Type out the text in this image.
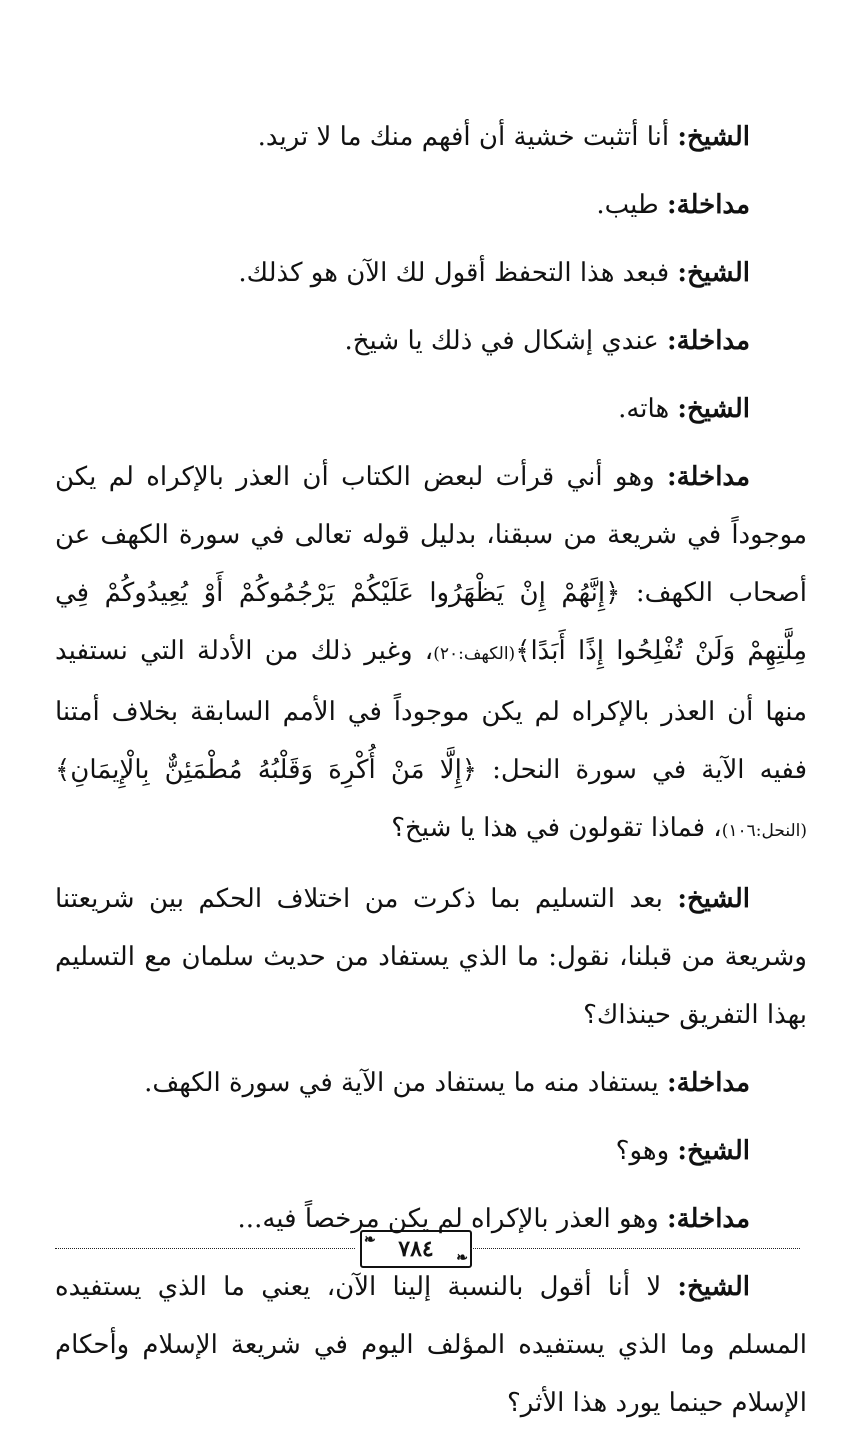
الشيخ: أنا أتثبت خشية أن أفهم منك ما لا تريد.

مداخلة: طيب.

الشيخ: فبعد هذا التحفظ أقول لك الآن هو كذلك.

مداخلة: عندي إشكال في ذلك يا شيخ.

الشيخ: هاته.

مداخلة: وهو أني قرأت لبعض الكتاب أن العذر بالإكراه لم يكن موجوداً في شريعة من سبقنا، بدليل قوله تعالى في سورة الكهف عن أصحاب الكهف: ﴿إِنَّهُمْ إِنْ يَظْهَرُوا عَلَيْكُمْ يَرْجُمُوكُمْ أَوْ يُعِيدُوكُمْ فِي مِلَّتِهِمْ وَلَنْ تُفْلِحُوا إِذًا أَبَدًا﴾(الكهف:٢٠)، وغير ذلك من الأدلة التي نستفيد منها أن العذر بالإكراه لم يكن موجوداً في الأمم السابقة بخلاف أمتنا ففيه الآية في سورة النحل: ﴿إِلَّا مَنْ أُكْرِهَ وَقَلْبُهُ مُطْمَئِنٌّ بِالْإِيمَانِ﴾(النحل:١٠٦)، فماذا تقولون في هذا يا شيخ؟

الشيخ: بعد التسليم بما ذكرت من اختلاف الحكم بين شريعتنا وشريعة من قبلنا، نقول: ما الذي يستفاد من حديث سلمان مع التسليم بهذا التفريق حينذاك؟

مداخلة: يستفاد منه ما يستفاد من الآية في سورة الكهف.

الشيخ: وهو؟

مداخلة: وهو العذر بالإكراه لم يكن مرخصاً فيه...

الشيخ: لا أنا أقول بالنسبة إلينا الآن، يعني ما الذي يستفيده المسلم وما الذي يستفيده المؤلف اليوم في شريعة الإسلام وأحكام الإسلام حينما يورد هذا الأثر؟

❧ ٧٨٤ ❧
